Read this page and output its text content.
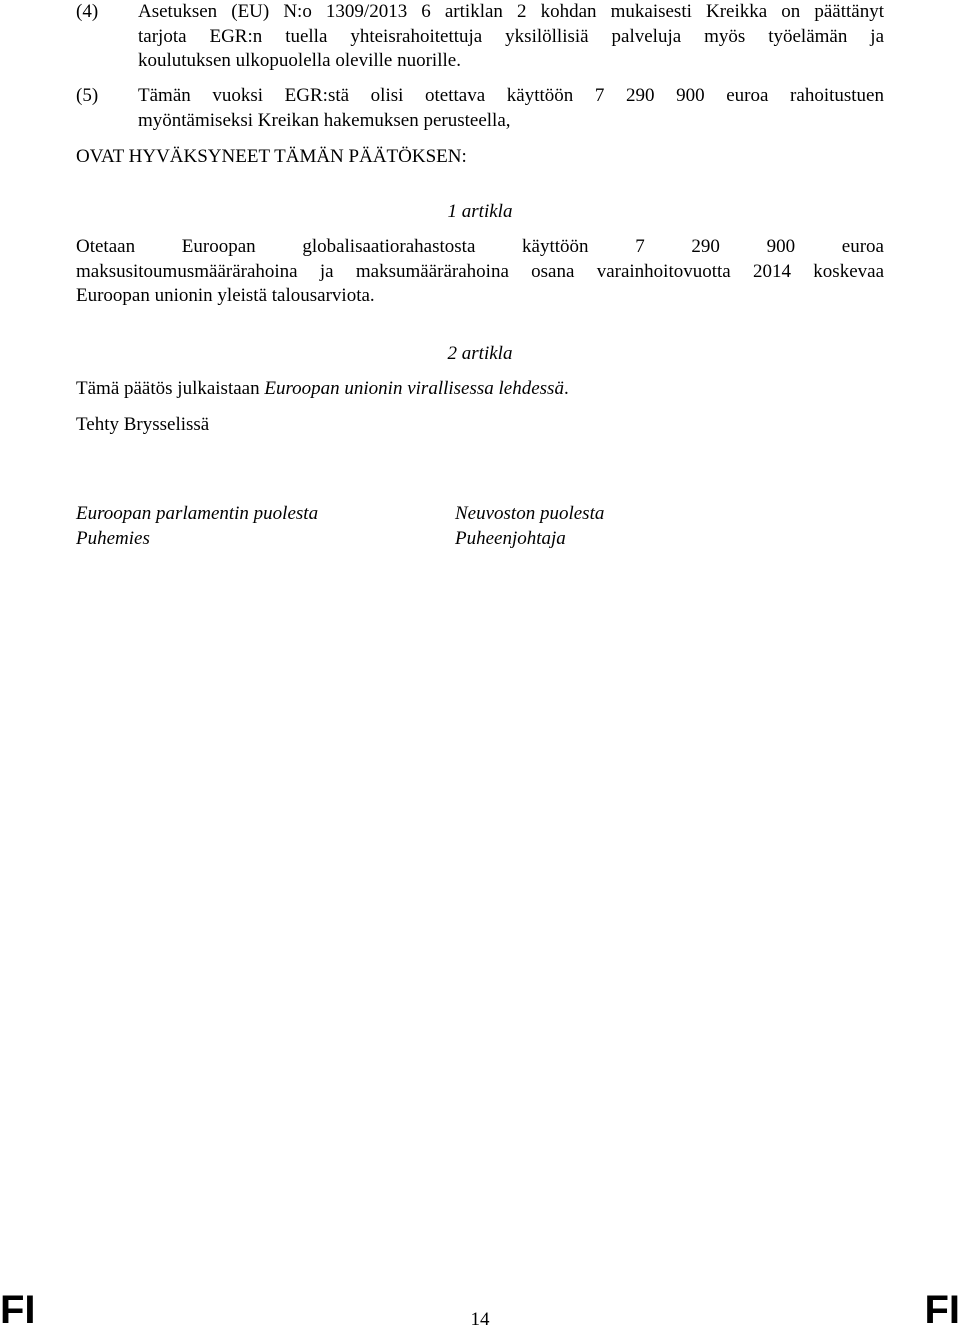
(4) Asetuksen (EU) N:o 1309/2013 6 artiklan 2 kohdan mukaisesti Kreikka on päättänyt
tarjota EGR:n tuella yhteisrahoitettuja yksilöllisiä palveluja myös työelämän ja
koulutuksen ulkopuolella oleville nuorille.
(5) Tämän vuoksi EGR:stä olisi otettava käyttöön 7 290 900 euroa rahoitustuen
myöntämiseksi Kreikan hakemuksen perusteella,
OVAT HYVÄKSYNEET TÄMÄN PÄÄTÖKSEN:
1 artikla
Otetaan Euroopan globalisaatiorahastosta käyttöön 7 290 900 euroa
maksusitoumusmäärärahoina ja maksumäärärahoina osana varainhoitovuotta 2014 koskevaa
Euroopan unionin yleistä talousarviota.
2 artikla
Tämä päätös julkaistaan Euroopan unionin virallisessa lehdessä.
Tehty Brysselissä
Euroopan parlamentin puolesta
Puhemies
Neuvoston puolesta
Puheenjohtaja
FI	14	FI
